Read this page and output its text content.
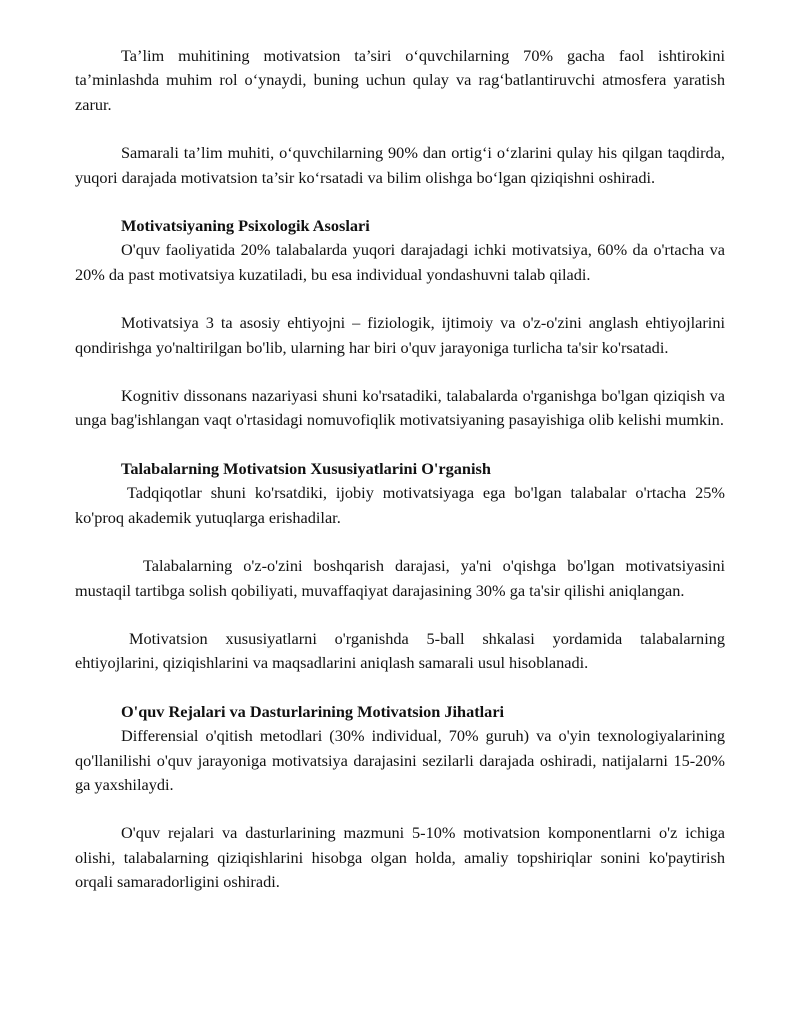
Ta’lim muhitining motivatsion ta’siri o‘quvchilarning 70% gacha faol ishtirokini ta’minlashda muhim rol o‘ynaydi, buning uchun qulay va rag‘batlantiruvchi atmosfera yaratish zarur.

Samarali ta’lim muhiti, o‘quvchilarning 90% dan ortig‘i o‘zlarini qulay his qilgan taqdirda, yuqori darajada motivatsion ta’sir ko‘rsatadi va bilim olishga bo‘lgan qiziqishni oshiradi.

Motivatsiyaning Psixologik Asoslari

O'quv faoliyatida 20% talabalarda yuqori darajadagi ichki motivatsiya, 60% da o'rtacha va 20% da past motivatsiya kuzatiladi, bu esa individual yondashuvni talab qiladi.

Motivatsiya 3 ta asosiy ehtiyojni – fiziologik, ijtimoiy va o'z-o'zini anglash ehtiyojlarini qondirishga yo'naltirilgan bo'lib, ularning har biri o'quv jarayoniga turlicha ta'sir ko'rsatadi.

Kognitiv dissonans nazariyasi shuni ko'rsatadiki, talabalarda o'rganishga bo'lgan qiziqish va unga bag'ishlangan vaqt o'rtasidagi nomuvofiqlik motivatsiyaning pasayishiga olib kelishi mumkin.

Talabalarning Motivatsion Xususiyatlarini O'rganish

Tadqiqotlar shuni ko'rsatdiki, ijobiy motivatsiyaga ega bo'lgan talabalar o'rtacha 25% ko'proq akademik yutuqlarga erishadilar.

Talabalarning o'z-o'zini boshqarish darajasi, ya'ni o'qishga bo'lgan motivatsiyasini mustaqil tartibga solish qobiliyati, muvaffaqiyat darajasining 30% ga ta'sir qilishi aniqlangan.

Motivatsion xususiyatlarni o'rganishda 5-ball shkalasi yordamida talabalarning ehtiyojlarini, qiziqishlarini va maqsadlarini aniqlash samarali usul hisoblanadi.

O'quv Rejalari va Dasturlarining Motivatsion Jihatlari

Differensial o'qitish metodlari (30% individual, 70% guruh) va o'yin texnologiyalarining qo'llanilishi o'quv jarayoniga motivatsiya darajasini sezilarli darajada oshiradi, natijalarni 15-20% ga yaxshilaydi.

O'quv rejalari va dasturlarining mazmuni 5-10% motivatsion komponentlarni o'z ichiga olishi, talabalarning qiziqishlarini hisobga olgan holda, amaliy topshiriqlar sonini ko'paytirish orqali samaradorligini oshiradi.
